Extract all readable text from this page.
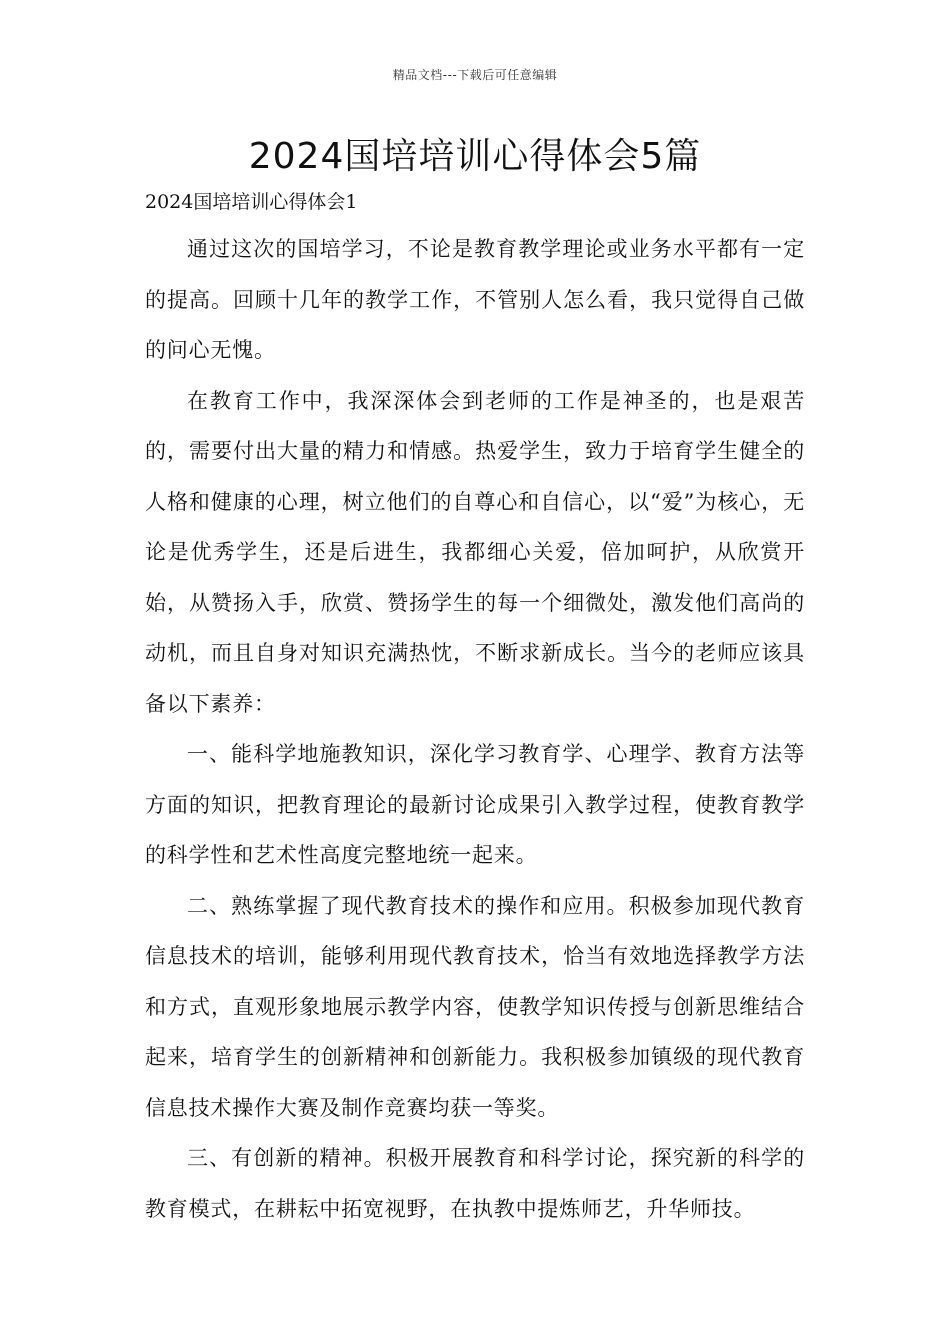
精品文档---下载后可任意编辑
2024国培培训心得体会5篇
2024国培培训心得体会1

通过这次的国培学习，不论是教育教学理论或业务水平都有一定的提高。回顾十几年的教学工作，不管别人怎么看，我只觉得自己做的问心无愧。

在教育工作中，我深深体会到老师的工作是神圣的，也是艰苦的，需要付出大量的精力和情感。热爱学生，致力于培育学生健全的人格和健康的心理，树立他们的自尊心和自信心，以“爱”为核心，无论是优秀学生，还是后进生，我都细心关爱，倍加呵护，从欣赏开始，从赞扬入手，欣赏、赞扬学生的每一个细微处，激发他们高尚的动机，而且自身对知识充满热忱，不断求新成长。当今的老师应该具备以下素养：

一、能科学地施教知识，深化学习教育学、心理学、教育方法等方面的知识，把教育理论的最新讨论成果引入教学过程，使教育教学的科学性和艺术性高度完整地统一起来。

二、熟练掌握了现代教育技术的操作和应用。积极参加现代教育信息技术的培训，能够利用现代教育技术，恰当有效地选择教学方法和方式，直观形象地展示教学内容，使教学知识传授与创新思维结合起来，培育学生的创新精神和创新能力。我积极参加镇级的现代教育信息技术操作大赛及制作竞赛均获一等奖。

三、有创新的精神。积极开展教育和科学讨论，探究新的科学的教育模式，在耕耘中拓宽视野，在执教中提炼师艺，升华师技。
